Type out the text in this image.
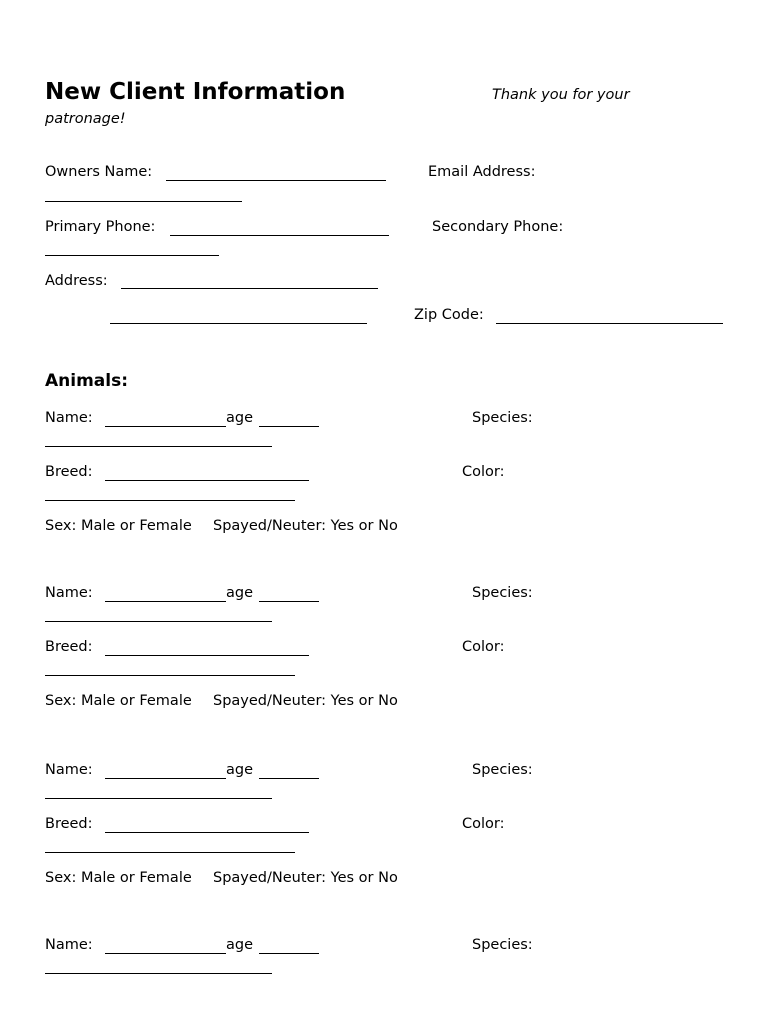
New Client Information	Thank you for your
patronage!
Owners Name:	Email Address:
Primary Phone:	Secondary Phone:
Address:
Zip Code:
Animals:
Name:	age	Species:
Breed:	Color:
Sex: Male or Female Spayed/Neuter: Yes or No
Name:	age	Species:
Breed:	Color:
Sex: Male or Female Spayed/Neuter: Yes or No
Name:	age	Species:
Breed:	Color:
Sex: Male or Female Spayed/Neuter: Yes or No
Name:	age	Species:
